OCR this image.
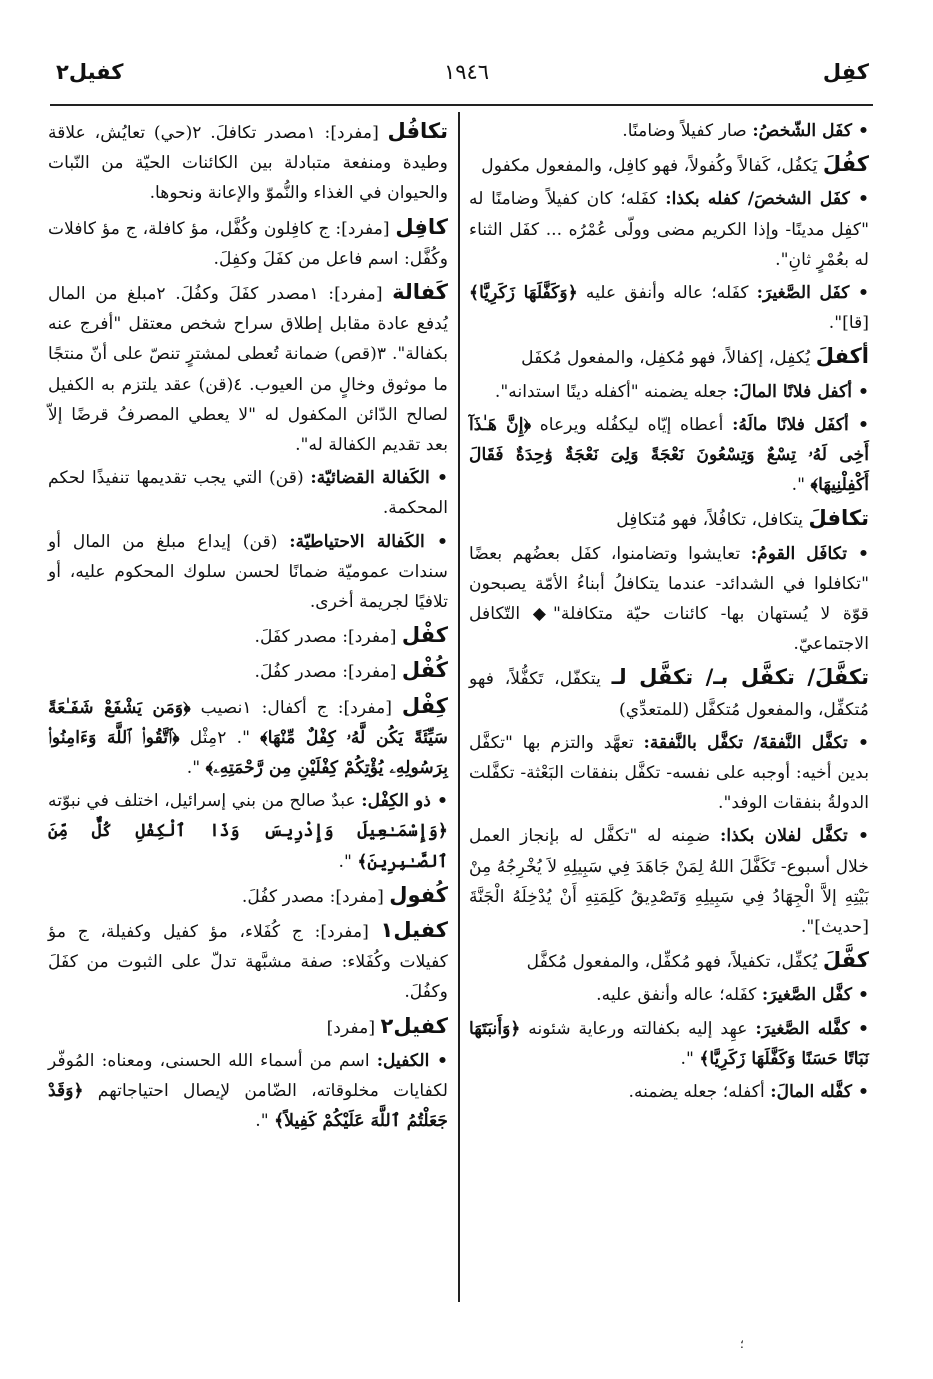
كفِل
١٩٤٦
كفيل٢

• كفَل الشّخصُ: صار كفيلاً وضامنًا.

كفُلَ يَكفُل، كَفالاً وكُفولاً، فهو كافِل، والمفعول مكفول

• كفَل الشخصَ/ كفله بكذا: كفَله؛ كان كفيلاً وضامنًا له "كفِل مدينًا- وإذا الكريم مضى وولّى عُمْرُه ... كفَل الثناء له بعُمْرٍ ثانِ".

• كفَل الصَّغيرَ: كفَله؛ عاله وأنفق عليه ﴿وَكَفَّلَهَا زَكَرِيَّا﴾ [قا]".

أكفلَ يُكفِل، إكفالاً، فهو مُكفِل، والمفعول مُكفَل

• أكفل فلانًا المالَ: جعله يضمنه "أكفله دينًا استدانه".

• أكفَل فلانًا مالَهُ: أعطاه إيّاه ليكفُله ويرعاه ﴿إِنَّ هَـٰذَآ أَخِى لَهُۥ تِسْعٌ وَتِسْعُونَ نَعْجَةً وَلِىَ نَعْجَةٌ وَٰحِدَةٌ فَقَالَ أَكْفِلْنِيهَا﴾ ".

تكافلَ يتكافل، تكافُلاً، فهو مُتكافِل

• تكافَل القومُ: تعايشوا وتضامنوا، كفَل بعضُهم بعضًا "تكافلوا في الشدائد- عندما يتكافلُ أبناءُ الأمّة يصبحون قوّة لا يُستهان بها- كائنات حيّة متكافلة"◆ التّكافل الاجتماعيّ.

تكفَّلَ/ تكفَّل بـ/ تكفَّل لـ يتكفّل، تَكفُّلاً، فهو مُتكفِّل، والمفعول مُتكفَّل (للمتعدِّي)

• تكفَّل النَّفقةَ/ تكفَّل بالنَّفقة: تعهَّد والتزم بها "تكفَّل بدين أخيه: أوجبه على نفسه- تكفَّل بنفقات البَعْثة- تكفَّلت الدولةُ بنفقات الوفد".

• تكفَّل لفلان بكذا: ضمِنه له "تكفَّل له بإنجاز العمل خلال أسبوع- تَكَفَّلَ اللهُ لِمَنْ جَاهَدَ فِي سَبِيلِهِ لاَ يُخْرِجُهُ مِنْ بَيْتِهِ إلاَّ الْجِهَادُ فِي سَبِيلِهِ وَتَصْدِيقُ كَلِمَتِهِ أَنْ يُدْخِلَهُ الْجَنَّةَ [حديث]".

كفَّلَ يُكفِّل، تكفيلاً، فهو مُكفِّل، والمفعول مُكفَّل

• كفَّل الصَّغيرَ: كفَله؛ عاله وأنفق عليه.

• كفَّله الصَّغيرَ: عهِد إليه بكفالته ورعاية شئونه ﴿وَأَنبَتَهَا نَبَاتًا حَسَنًا وَكَفَّلَهَا زَكَرِيَّا﴾ ".

• كفَّله المالَ: أكفله؛ جعله يضمنه.

تكافُل [مفرد]: ١مصدر تكافلَ. ٢(حي) تعايُش، علاقة وطيدة ومنفعة متبادلة بين الكائنات الحيّة من النّبات والحيوان في الغذاء والنُّموّ والإعانة ونحوها.

كافِل [مفرد]: ج كافِلون وكُفَّل، مؤ كافلة، ج مؤ كافلات وكُفَّل: اسم فاعل من كفَلَ وكفِلَ.

كَفالة [مفرد]: ١مصدر كفَلَ وكفُلَ. ٢مبلغ من المال يُدفع عادة مقابل إطلاق سراح شخص معتقل "أفرج عنه بكفالة". ٣(قص) ضمانة تُعطى لمشترٍ تنصّ على أنّ منتجًا ما موثوق وخالٍ من العيوب. ٤(قن) عقد يلتزم به الكفيل لصالح الدّائن المكفول له "لا يعطي المصرفُ قرضًا إلاّ بعد تقديم الكفالة له".

• الكَفالة القضائيّة: (قن) التي يجب تقديمها تنفيذًا لحكم المحكمة.

• الكَفالة الاحتياطيّة: (قن) إيداع مبلغ من المال أو سندات عموميّة ضمانًا لحسن سلوك المحكوم عليه، أو تلافيًا لجريمة أخرى.

كفْل [مفرد]: مصدر كفَلَ.

كُفْل [مفرد]: مصدر كفُلَ.

كِفْل [مفرد]: ج أكفال: ١نصيب ﴿وَمَن يَشْفَعْ شَفَـٰعَةً سَيِّئَةً يَكُن لَّهُۥ كِفْلٌ مِّنْهَا﴾ ". ٢مِثْل ﴿ٱتَّقُوا۟ ٱللَّهَ وَءَامِنُوا۟ بِرَسُولِهِۦ يُؤْتِكُمْ كِفْلَيْنِ مِن رَّحْمَتِهِۦ﴾ ".

• ذو الكِفْل: عبدٌ صالح من بني إسرائيل، اختلف في نبوّته ﴿وَإِسْمَـٰعِيلَ وَإِدْرِيسَ وَذَا ٱلْكِفْلِ كُلٌّ مِّنَ ٱلصَّـٰبِرِينَ﴾ ".

كُفول [مفرد]: مصدر كفُلَ.

كفيل١ [مفرد]: ج كُفَلاء، مؤ كفيل وكفيلة، ج مؤ كفيلات وكُفَلاء: صفة مشبَّهة تدلّ على الثبوت من كفَلَ وكفُلَ.

كفيل٢ [مفرد]

• الكفيل: اسم من أسماء الله الحسنى، ومعناه: المُوفّر لكفايات مخلوقاته، الضّامن لإيصال احتياجاتهم ﴿وَقَدْ جَعَلْتُمُ ٱللَّهَ عَلَيْكُمْ كَفِيلاً﴾ ".

؛
